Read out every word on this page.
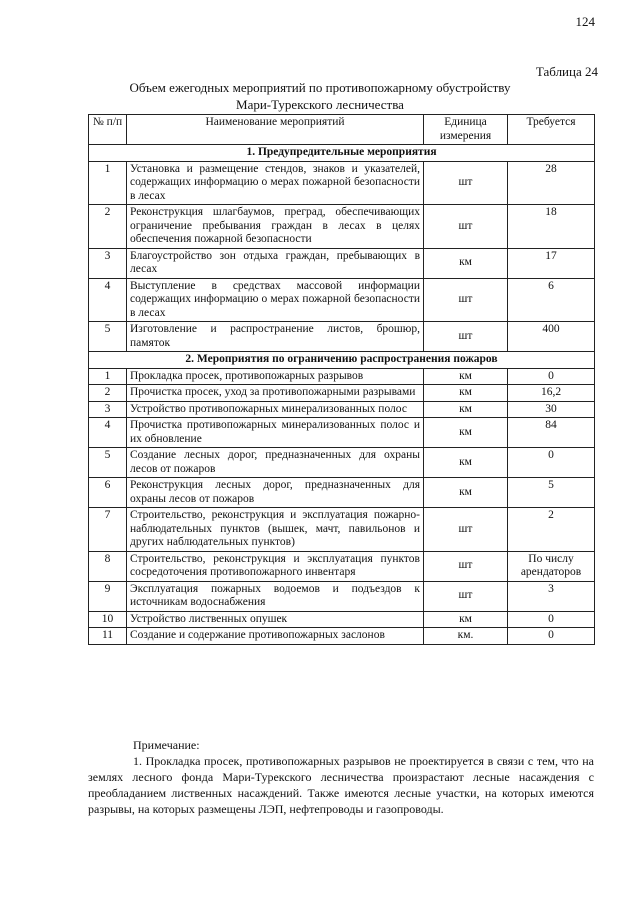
124
Таблица 24
Объем ежегодных мероприятий по противопожарному обустройству
Мари-Турекского лесничества
№ п/п	Наименование мероприятий	Единица измерения	Требуется
1. Предупредительные мероприятия			
1	Установка и размещение стендов, знаков и указателей, содержащих информацию о мерах пожарной безопасности в лесах	шт	28
2	Реконструкция шлагбаумов, преград, обеспечивающих ограничение пребывания граждан в лесах в целях обеспечения пожарной безопасности	шт	18
3	Благоустройство зон отдыха граждан, пребывающих в лесах	км	17
4	Выступление в средствах массовой информации содержащих информацию о мерах пожарной безопасности в лесах	шт	6
5	Изготовление и распространение листов, брошюр, памяток	шт	400
2. Мероприятия по ограничению распространения пожаров			
1	Прокладка просек, противопожарных разрывов	км	0
2	Прочистка просек, уход за противопожарными разрывами	км	16,2
3	Устройство противопожарных минерализованных полос	км	30
4	Прочистка противопожарных минерализованных полос и их обновление	км	84
5	Создание лесных дорог, предназначенных для охраны лесов от пожаров	км	0
6	Реконструкция лесных дорог, предназначенных для охраны лесов от пожаров	км	5
7	Строительство, реконструкция и эксплуатация пожарно-наблюдательных пунктов (вышек, мачт, павильонов и других наблюдательных пунктов)	шт	2
8	Строительство, реконструкция и эксплуатация пунктов сосредоточения противопожарного инвентаря	шт	По числу арендаторов
9	Эксплуатация пожарных водоемов и подъездов к источникам водоснабжения	шт	3
10	Устройство лиственных опушек	км	0
11	Создание и содержание противопожарных заслонов	км.	0
Примечание:
1. Прокладка просек, противопожарных разрывов не проектируется в связи с тем, что на землях лесного фонда Мари-Турекского лесничества произрастают лесные насаждения с преобладанием лиственных насаждений. Также имеются лесные участки, на которых имеются разрывы, на которых размещены ЛЭП, нефтепроводы и газопроводы.
